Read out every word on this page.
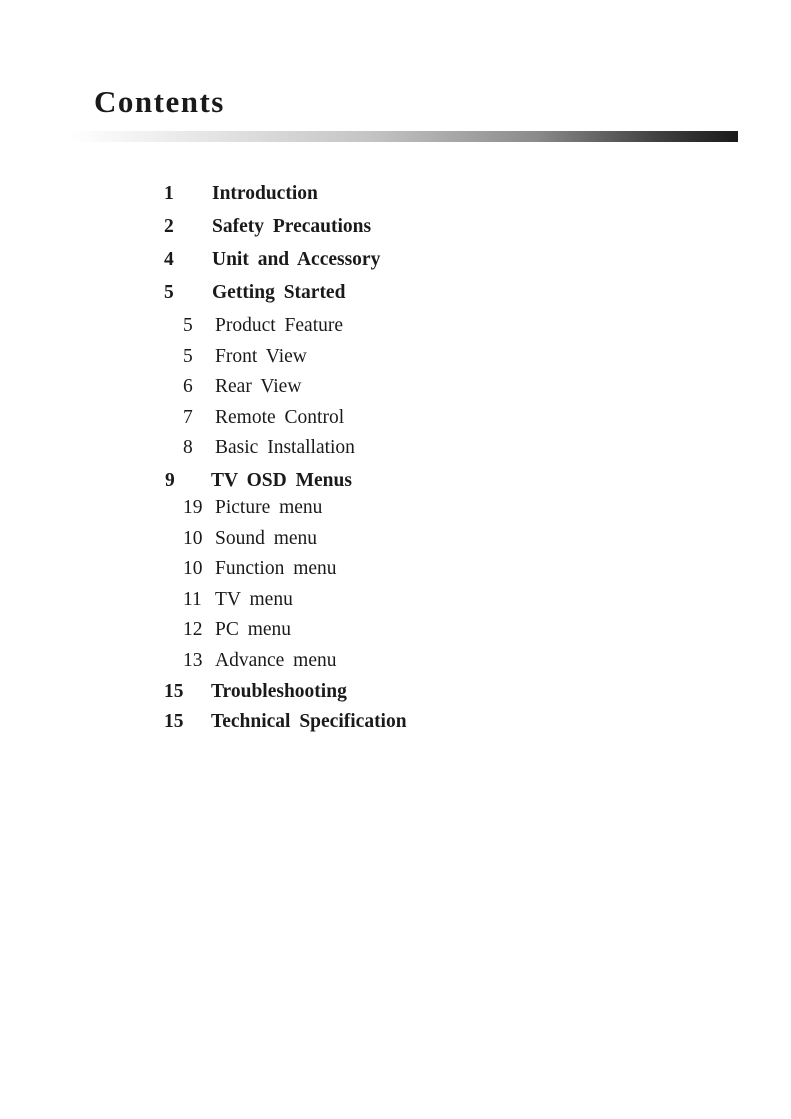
Contents
1 Introduction
2 Safety Precautions
4 Unit and Accessory
5 Getting Started
5 Product Feature
5 Front View
6 Rear View
7 Remote Control
8 Basic Installation
9 TV OSD Menus
19 Picture menu
10 Sound menu
10 Function menu
11 TV menu
12 PC menu
13 Advance menu
15 Troubleshooting
15 Technical Specification
